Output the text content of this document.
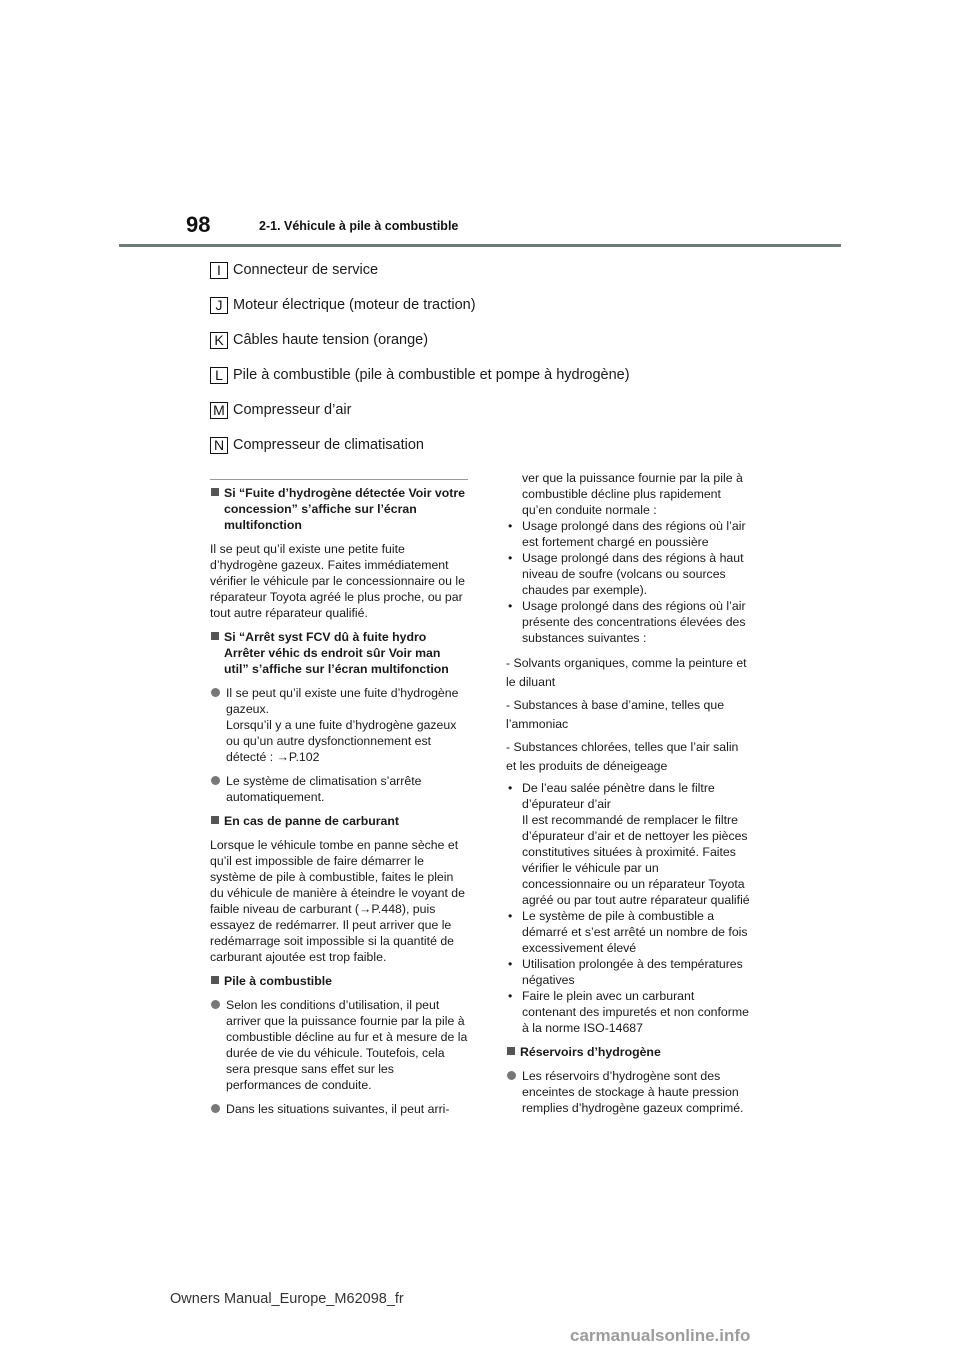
98	2-1. Véhicule à pile à combustible
I Connecteur de service
J Moteur électrique (moteur de traction)
K Câbles haute tension (orange)
L Pile à combustible (pile à combustible et pompe à hydrogène)
M Compresseur d’air
N Compresseur de climatisation
Si “Fuite d’hydrogène détectée Voir votre concession” s’affiche sur l’écran multifonction
Il se peut qu’il existe une petite fuite d’hydrogène gazeux. Faites immédiatement vérifier le véhicule par le concessionnaire ou le réparateur Toyota agréé le plus proche, ou par tout autre réparateur qualifié.
Si “Arrêt syst FCV dû à fuite hydro Arrêter véhic ds endroit sûr Voir man util” s’affiche sur l’écran multifonction
Il se peut qu’il existe une fuite d’hydrogène gazeux.
Lorsqu’il y a une fuite d’hydrogène gazeux ou qu’un autre dysfonctionnement est détecté : →P.102
Le système de climatisation s’arrête automatiquement.
En cas de panne de carburant
Lorsque le véhicule tombe en panne sèche et qu’il est impossible de faire démarrer le système de pile à combustible, faites le plein du véhicule de manière à éteindre le voyant de faible niveau de carburant (→P.448), puis essayez de redémarrer. Il peut arriver que le redémarrage soit impossible si la quantité de carburant ajoutée est trop faible.
Pile à combustible
Selon les conditions d’utilisation, il peut arriver que la puissance fournie par la pile à combustible décline au fur et à mesure de la durée de vie du véhicule. Toutefois, cela sera presque sans effet sur les performances de conduite.
Dans les situations suivantes, il peut arri-
ver que la puissance fournie par la pile à combustible décline plus rapidement qu’en conduite normale :
• Usage prolongé dans des régions où l’air est fortement chargé en poussière
• Usage prolongé dans des régions à haut niveau de soufre (volcans ou sources chaudes par exemple).
• Usage prolongé dans des régions où l’air présente des concentrations élevées des substances suivantes :
- Solvants organiques, comme la peinture et le diluant
- Substances à base d’amine, telles que l’ammoniac
- Substances chlorées, telles que l’air salin et les produits de déneigeage
• De l’eau salée pénètre dans le filtre d’épurateur d’air
Il est recommandé de remplacer le filtre d’épurateur d’air et de nettoyer les pièces constitutives situées à proximité. Faites vérifier le véhicule par un concessionnaire ou un réparateur Toyota agréé ou par tout autre réparateur qualifié
• Le système de pile à combustible a démarré et s’est arrêté un nombre de fois excessivement élevé
• Utilisation prolongée à des températures négatives
• Faire le plein avec un carburant contenant des impuretés et non conforme à la norme ISO-14687
Réservoirs d’hydrogène
Les réservoirs d’hydrogène sont des enceintes de stockage à haute pression remplies d’hydrogène gazeux comprimé.
Owners Manual_Europe_M62098_fr
carmanualsonline.info
